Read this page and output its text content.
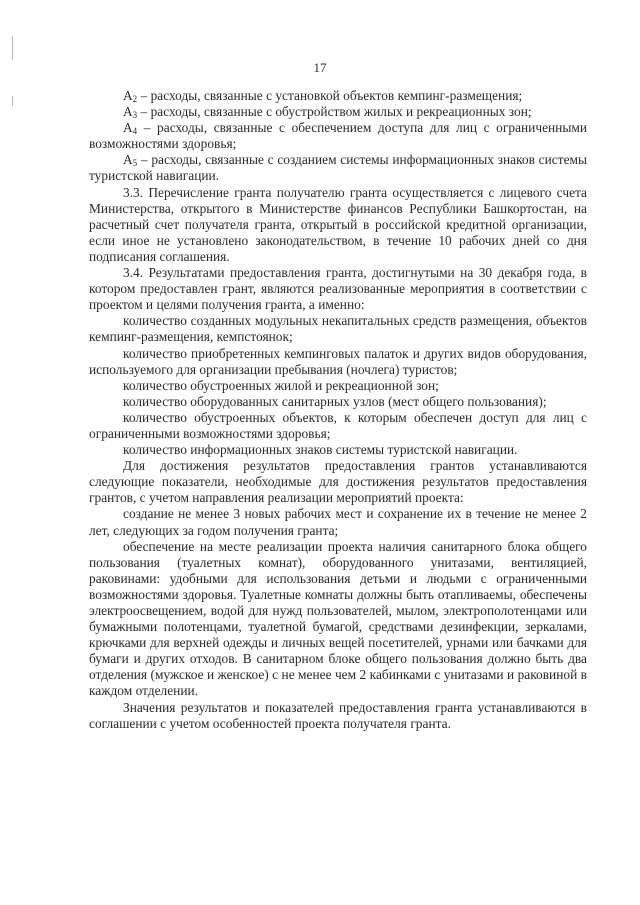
17

$А_2$ – расходы, связанные с установкой объектов кемпинг-размещения;

$А_3$ – расходы, связанные с обустройством жилых и рекреационных зон;

$А_4$ – расходы, связанные с обеспечением доступа для лиц с ограниченными возможностями здоровья;

$А_5$ – расходы, связанные с созданием системы информационных знаков системы туристской навигации.

3.3. Перечисление гранта получателю гранта осуществляется с лицевого счета Министерства, открытого в Министерстве финансов Республики Башкортостан, на расчетный счет получателя гранта, открытый в российской кредитной организации, если иное не установлено законодательством, в течение 10 рабочих дней со дня подписания соглашения.

3.4. Результатами предоставления гранта, достигнутыми на 30 декабря года, в котором предоставлен грант, являются реализованные мероприятия в соответствии с проектом и целями получения гранта, а именно:

количество созданных модульных некапитальных средств размещения, объектов кемпинг-размещения, кемпстоянок;

количество приобретенных кемпинговых палаток и других видов оборудования, используемого для организации пребывания (ночлега) туристов;

количество обустроенных жилой и рекреационной зон;

количество оборудованных санитарных узлов (мест общего пользования);

количество обустроенных объектов, к которым обеспечен доступ для лиц с ограниченными возможностями здоровья;

количество информационных знаков системы туристской навигации.

Для достижения результатов предоставления грантов устанавливаются следующие показатели, необходимые для достижения результатов предоставления грантов, с учетом направления реализации мероприятий проекта:

создание не менее 3 новых рабочих мест и сохранение их в течение не менее 2 лет, следующих за годом получения гранта;

обеспечение на месте реализации проекта наличия санитарного блока общего пользования (туалетных комнат), оборудованного унитазами, вентиляцией, раковинами: удобными для использования детьми и людьми с ограниченными возможностями здоровья. Туалетные комнаты должны быть отапливаемы, обеспечены электроосвещением, водой для нужд пользователей, мылом, электрополотенцами или бумажными полотенцами, туалетной бумагой, средствами дезинфекции, зеркалами, крючками для верхней одежды и личных вещей посетителей, урнами или бачками для бумаги и других отходов. В санитарном блоке общего пользования должно быть два отделения (мужское и женское) с не менее чем 2 кабинками с унитазами и раковиной в каждом отделении.

Значения результатов и показателей предоставления гранта устанавливаются в соглашении с учетом особенностей проекта получателя гранта.
